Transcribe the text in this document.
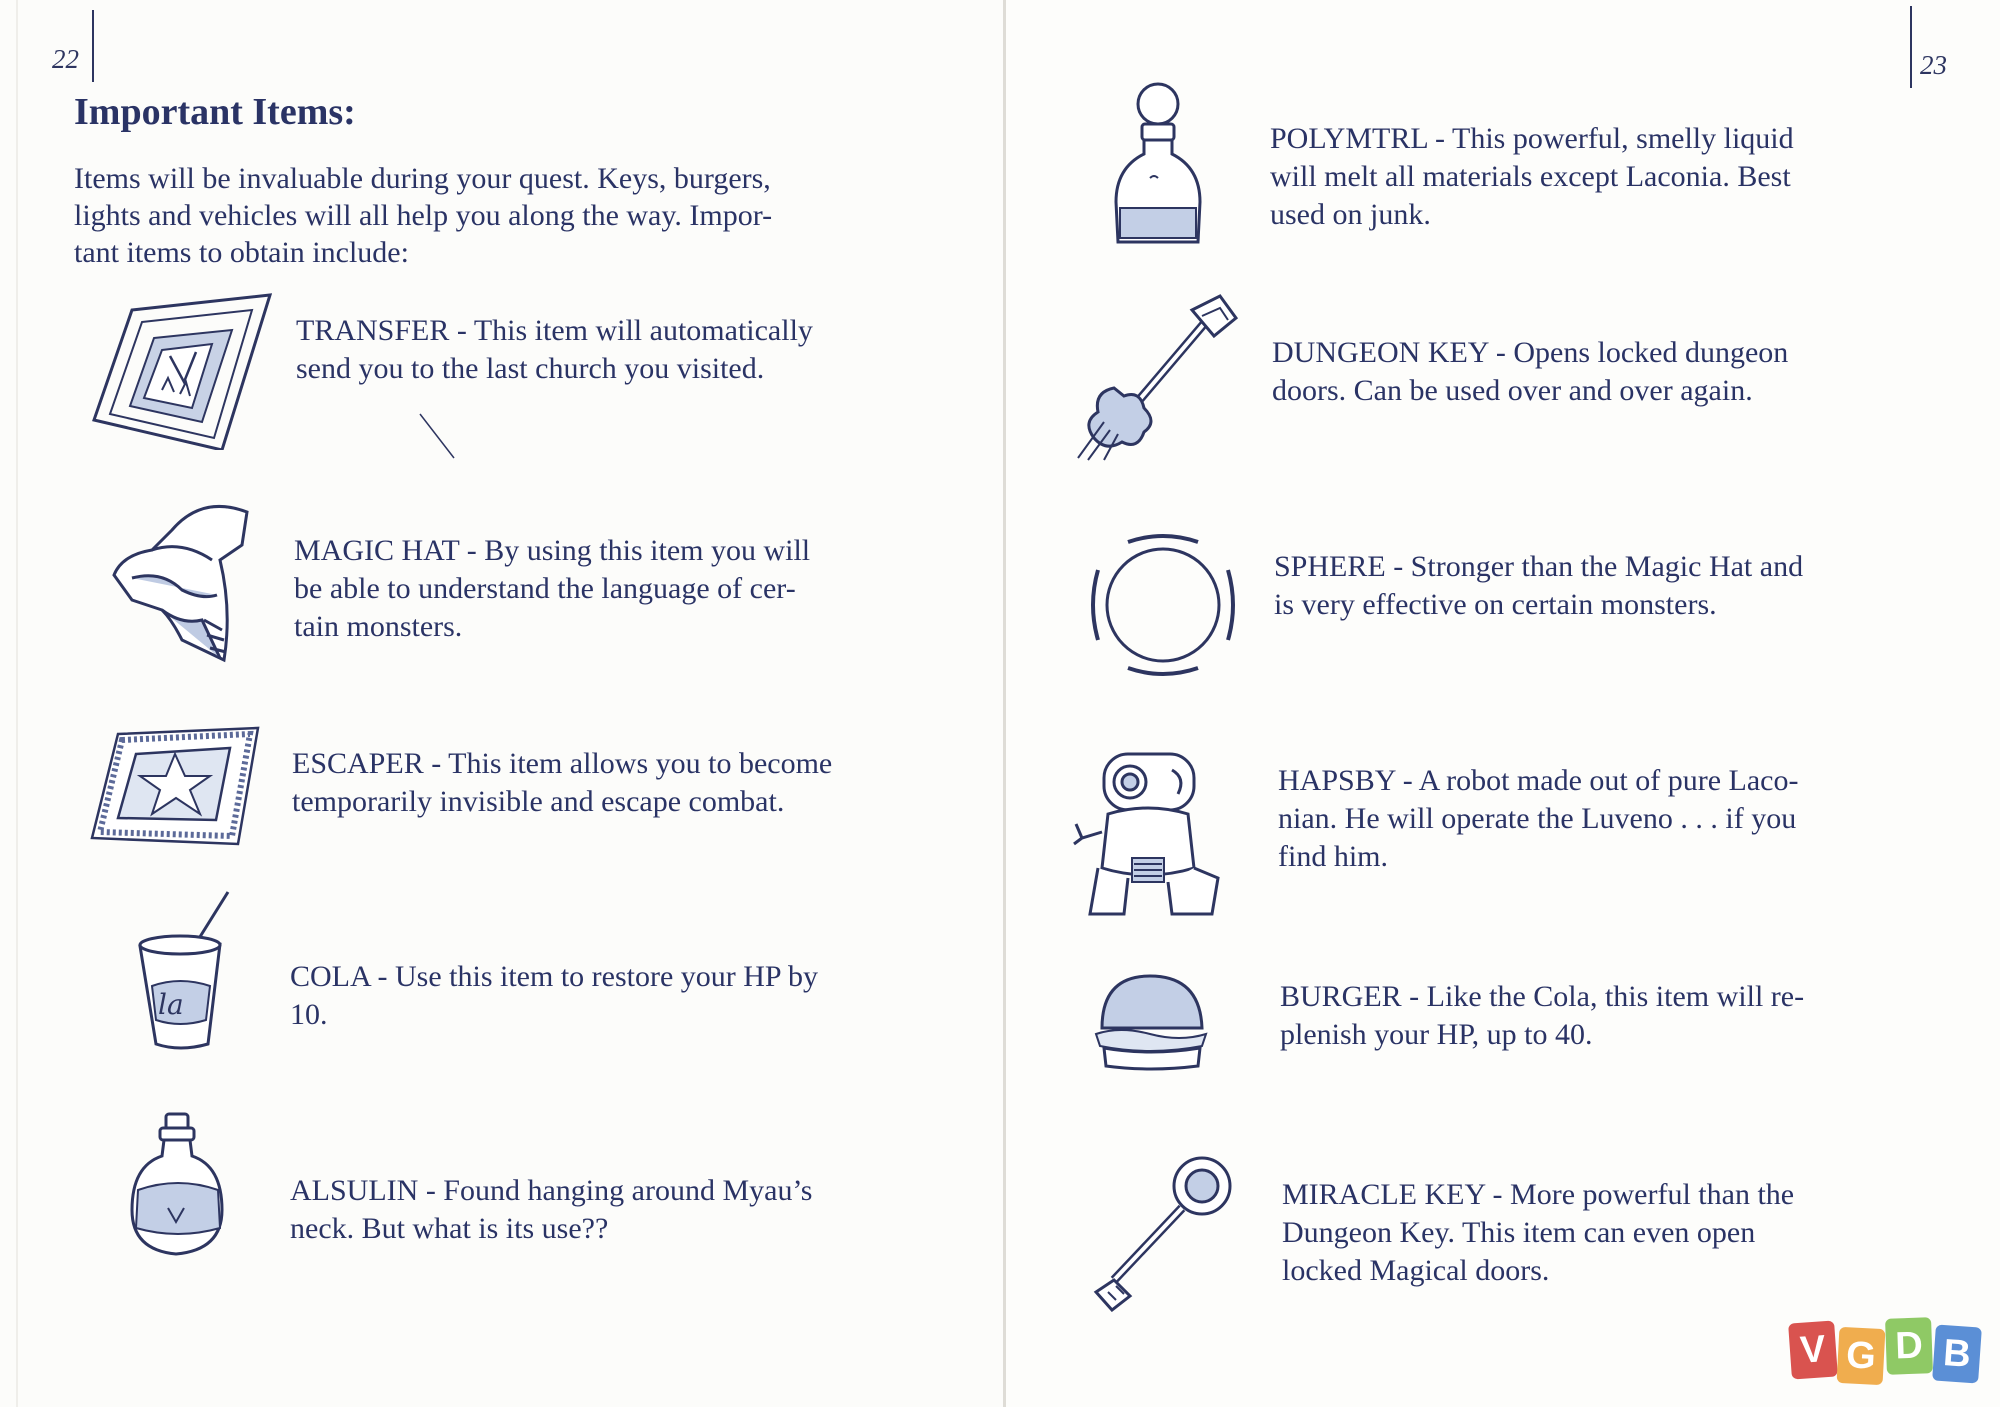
22
Important Items:
Items will be invaluable during your quest. Keys, burgers,
lights and vehicles will all help you along the way. Impor-
tant items to obtain include:
la
TRANSFER - This item will automatically
send you to the last church you visited.
MAGIC HAT - By using this item you will
be able to understand the language of cer-
tain monsters.
ESCAPER - This item allows you to become
temporarily invisible and escape combat.
COLA - Use this item to restore your HP by
10.
ALSULIN - Found hanging around Myau’s
neck. But what is its use??
23
POLYMTRL - This powerful, smelly liquid
will melt all materials except Laconia. Best
used on junk.
DUNGEON KEY - Opens locked dungeon
doors. Can be used over and over again.
SPHERE - Stronger than the Magic Hat and
is very effective on certain monsters.
HAPSBY - A robot made out of pure Laco-
nian. He will operate the Luveno . . . if you
find him.
BURGER - Like the Cola, this item will re-
plenish your HP, up to 40.
MIRACLE KEY - More powerful than the
Dungeon Key. This item can even open
locked Magical doors.
V G D B
